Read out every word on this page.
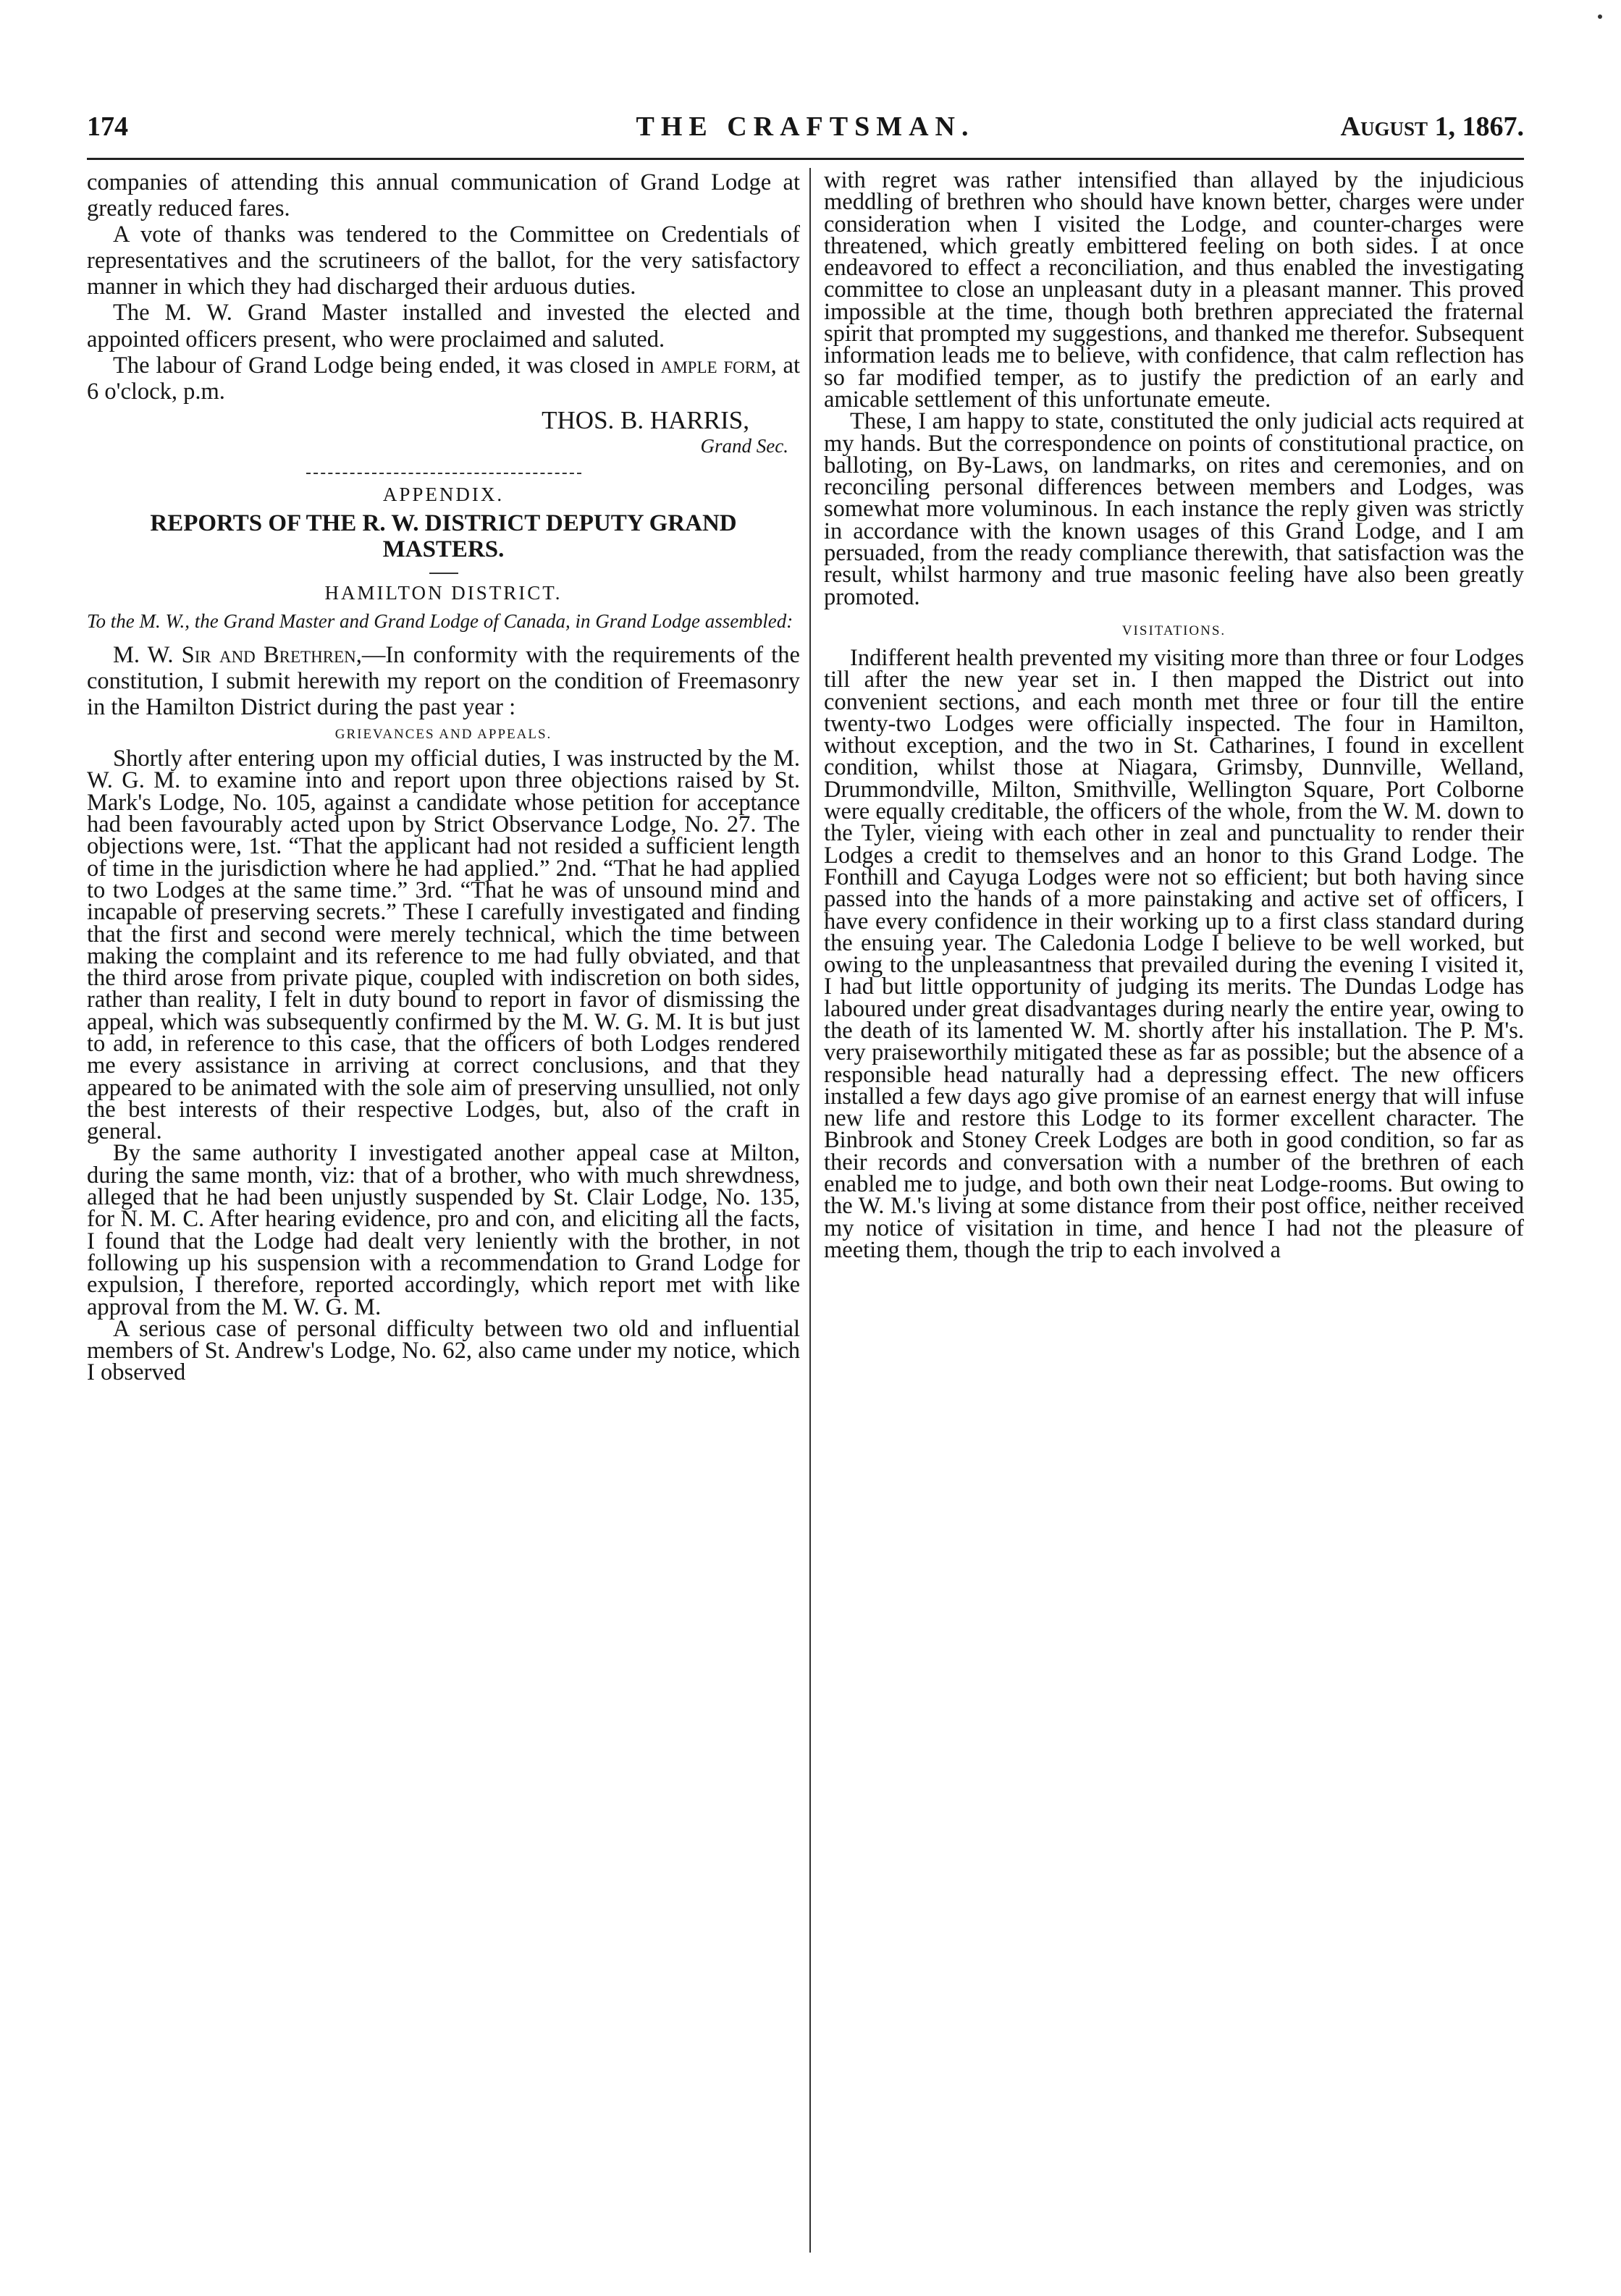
174	THE CRAFTSMAN.	August 1, 1867.

companies of attending this annual communication of Grand Lodge at greatly reduced fares.

A vote of thanks was tendered to the Committee on Credentials of representatives and the scrutineers of the ballot, for the very satisfactory manner in which they had discharged their arduous duties.

The M. W. Grand Master installed and invested the elected and appointed officers present, who were proclaimed and saluted.

The labour of Grand Lodge being ended, it was closed in ample form, at 6 o'clock, p.m.

THOS. B. HARRIS,
Grand Sec.
APPENDIX.
REPORTS OF THE R. W. DISTRICT DEPUTY GRAND MASTERS.
HAMILTON DISTRICT.
To the M. W., the Grand Master and Grand Lodge of Canada, in Grand Lodge assembled:

M. W. Sir and Brethren,—In conformity with the requirements of the constitution, I submit herewith my report on the condition of Freemasonry in the Hamilton District during the past year :

GRIEVANCES AND APPEALS.

Shortly after entering upon my official duties, I was instructed by the M. W. G. M. to examine into and report upon three objections raised by St. Mark's Lodge, No. 105, against a candidate whose petition for acceptance had been favourably acted upon by Strict Observance Lodge, No. 27. The objections were, 1st. “That the applicant had not resided a sufficient length of time in the jurisdiction where he had applied.” 2nd. “That he had applied to two Lodges at the same time.” 3rd. “That he was of unsound mind and incapable of preserving secrets.” These I carefully investigated and finding that the first and second were merely technical, which the time between making the complaint and its reference to me had fully obviated, and that the third arose from private pique, coupled with indiscretion on both sides, rather than reality, I felt in duty bound to report in favor of dismissing the appeal, which was subsequently confirmed by the M. W. G. M. It is but just to add, in reference to this case, that the officers of both Lodges rendered me every assistance in arriving at correct conclusions, and that they appeared to be animated with the sole aim of preserving unsullied, not only the best interests of their respective Lodges, but, also of the craft in general.

By the same authority I investigated another appeal case at Milton, during the same month, viz: that of a brother, who with much shrewdness, alleged that he had been unjustly suspended by St. Clair Lodge, No. 135, for N. M. C. After hearing evidence, pro and con, and eliciting all the facts, I found that the Lodge had dealt very leniently with the brother, in not following up his suspension with a recommendation to Grand Lodge for expulsion, I therefore, reported accordingly, which report met with like approval from the M. W. G. M.

A serious case of personal difficulty between two old and influential members of St. Andrew's Lodge, No. 62, also came under my notice, which I observed

with regret was rather intensified than allayed by the injudicious meddling of brethren who should have known better, charges were under consideration when I visited the Lodge, and counter-charges were threatened, which greatly embittered feeling on both sides. I at once endeavored to effect a reconciliation, and thus enabled the investigating committee to close an unpleasant duty in a pleasant manner. This proved impossible at the time, though both brethren appreciated the fraternal spirit that prompted my suggestions, and thanked me therefor. Subsequent information leads me to believe, with confidence, that calm reflection has so far modified temper, as to justify the prediction of an early and amicable settlement of this unfortunate emeute.

These, I am happy to state, constituted the only judicial acts required at my hands. But the correspondence on points of constitutional practice, on balloting, on By-Laws, on landmarks, on rites and ceremonies, and on reconciling personal differences between members and Lodges, was somewhat more voluminous. In each instance the reply given was strictly in accordance with the known usages of this Grand Lodge, and I am persuaded, from the ready compliance therewith, that satisfaction was the result, whilst harmony and true masonic feeling have also been greatly promoted.

VISITATIONS.

Indifferent health prevented my visiting more than three or four Lodges till after the new year set in. I then mapped the District out into convenient sections, and each month met three or four till the entire twenty-two Lodges were officially inspected. The four in Hamilton, without exception, and the two in St. Catharines, I found in excellent condition, whilst those at Niagara, Grimsby, Dunnville, Welland, Drummondville, Milton, Smithville, Wellington Square, Port Colborne were equally creditable, the officers of the whole, from the W. M. down to the Tyler, vieing with each other in zeal and punctuality to render their Lodges a credit to themselves and an honor to this Grand Lodge. The Fonthill and Cayuga Lodges were not so efficient; but both having since passed into the hands of a more painstaking and active set of officers, I have every confidence in their working up to a first class standard during the ensuing year. The Caledonia Lodge I believe to be well worked, but owing to the unpleasantness that prevailed during the evening I visited it, I had but little opportunity of judging its merits. The Dundas Lodge has laboured under great disadvantages during nearly the entire year, owing to the death of its lamented W. M. shortly after his installation. The P. M's. very praiseworthily mitigated these as far as possible; but the absence of a responsible head naturally had a depressing effect. The new officers installed a few days ago give promise of an earnest energy that will infuse new life and restore this Lodge to its former excellent character. The Binbrook and Stoney Creek Lodges are both in good condition, so far as their records and conversation with a number of the brethren of each enabled me to judge, and both own their neat Lodge-rooms. But owing to the W. M.'s living at some distance from their post office, neither received my notice of visitation in time, and hence I had not the pleasure of meeting them, though the trip to each involved a
